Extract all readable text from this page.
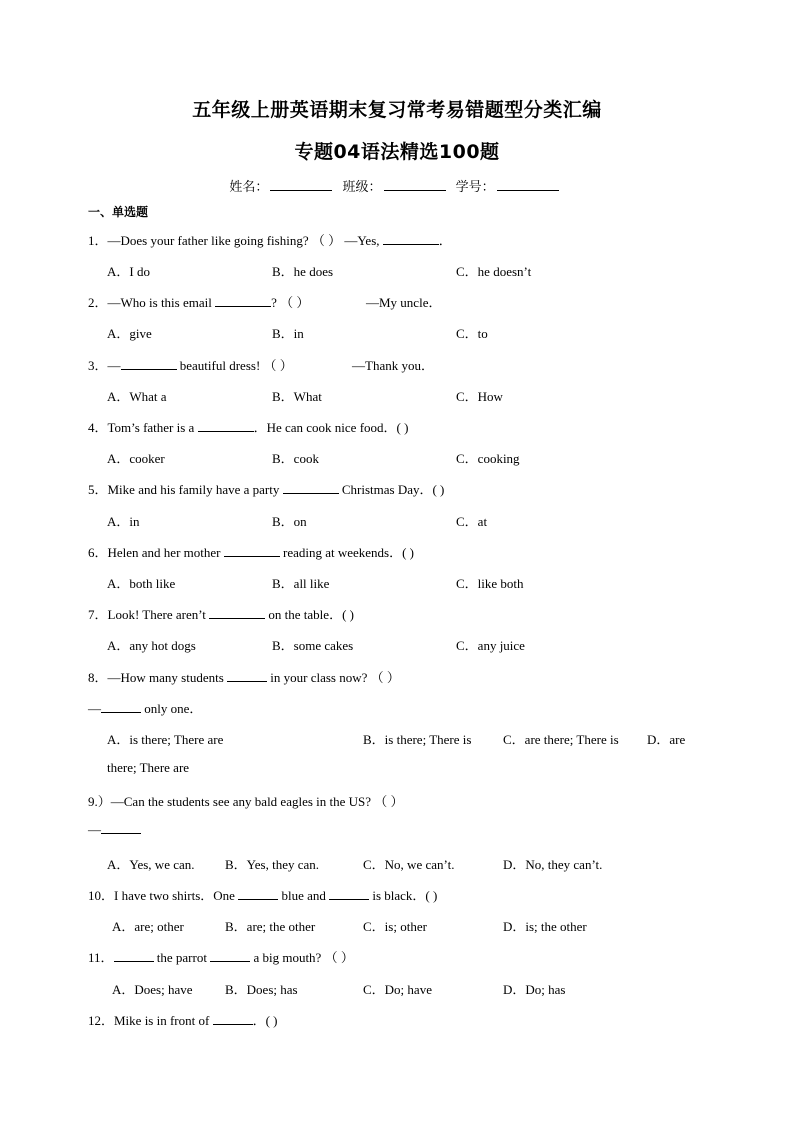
五年级上册英语期末复习常考易错题型分类汇编
专题04语法精选100题
姓名：	班级：	学号：
一、单选题
1．—Does your father like going fishing? （ ） —Yes,	．
A．I do	B．he does	C．he doesn’t
2．—Who is this email	? （ ）	—My uncle．
A．give	B．in	C．to
3．—	beautiful dress! （ ）	—Thank you．
A．What a	B．What	C．How
4．Tom’s father is a	．He can cook nice food．( )
A．cooker	B．cook	C．cooking
5．Mike and his family have a party	Christmas Day．( )
A．in	B．on	C．at
6．Helen and her mother	reading at weekends．( )
A．both like	B．all like	C．like both
7．Look! There aren’t	on the table．( )
A．any hot dogs	B．some cakes	C．any juice
8．—How many students	in your class now? （ ）
—	only one．
A．is there; There are	B．is there; There is C．are there; There is D．are
there; There are
9.）—Can the students see any bald eagles in the US? （ ）
—
A．Yes, we can. B．Yes, they can.	C．No, we can’t.	D．No, they can’t.
10．I have two shirts．One	blue and	is black．( )
A．are; other	B．are; the other	C．is; other	D．is; the other
11．	the parrot	a big mouth? （ ）
A．Does; have B．Does; has	C．Do; have	D．Do; has
12．Mike is in front of	．( )
